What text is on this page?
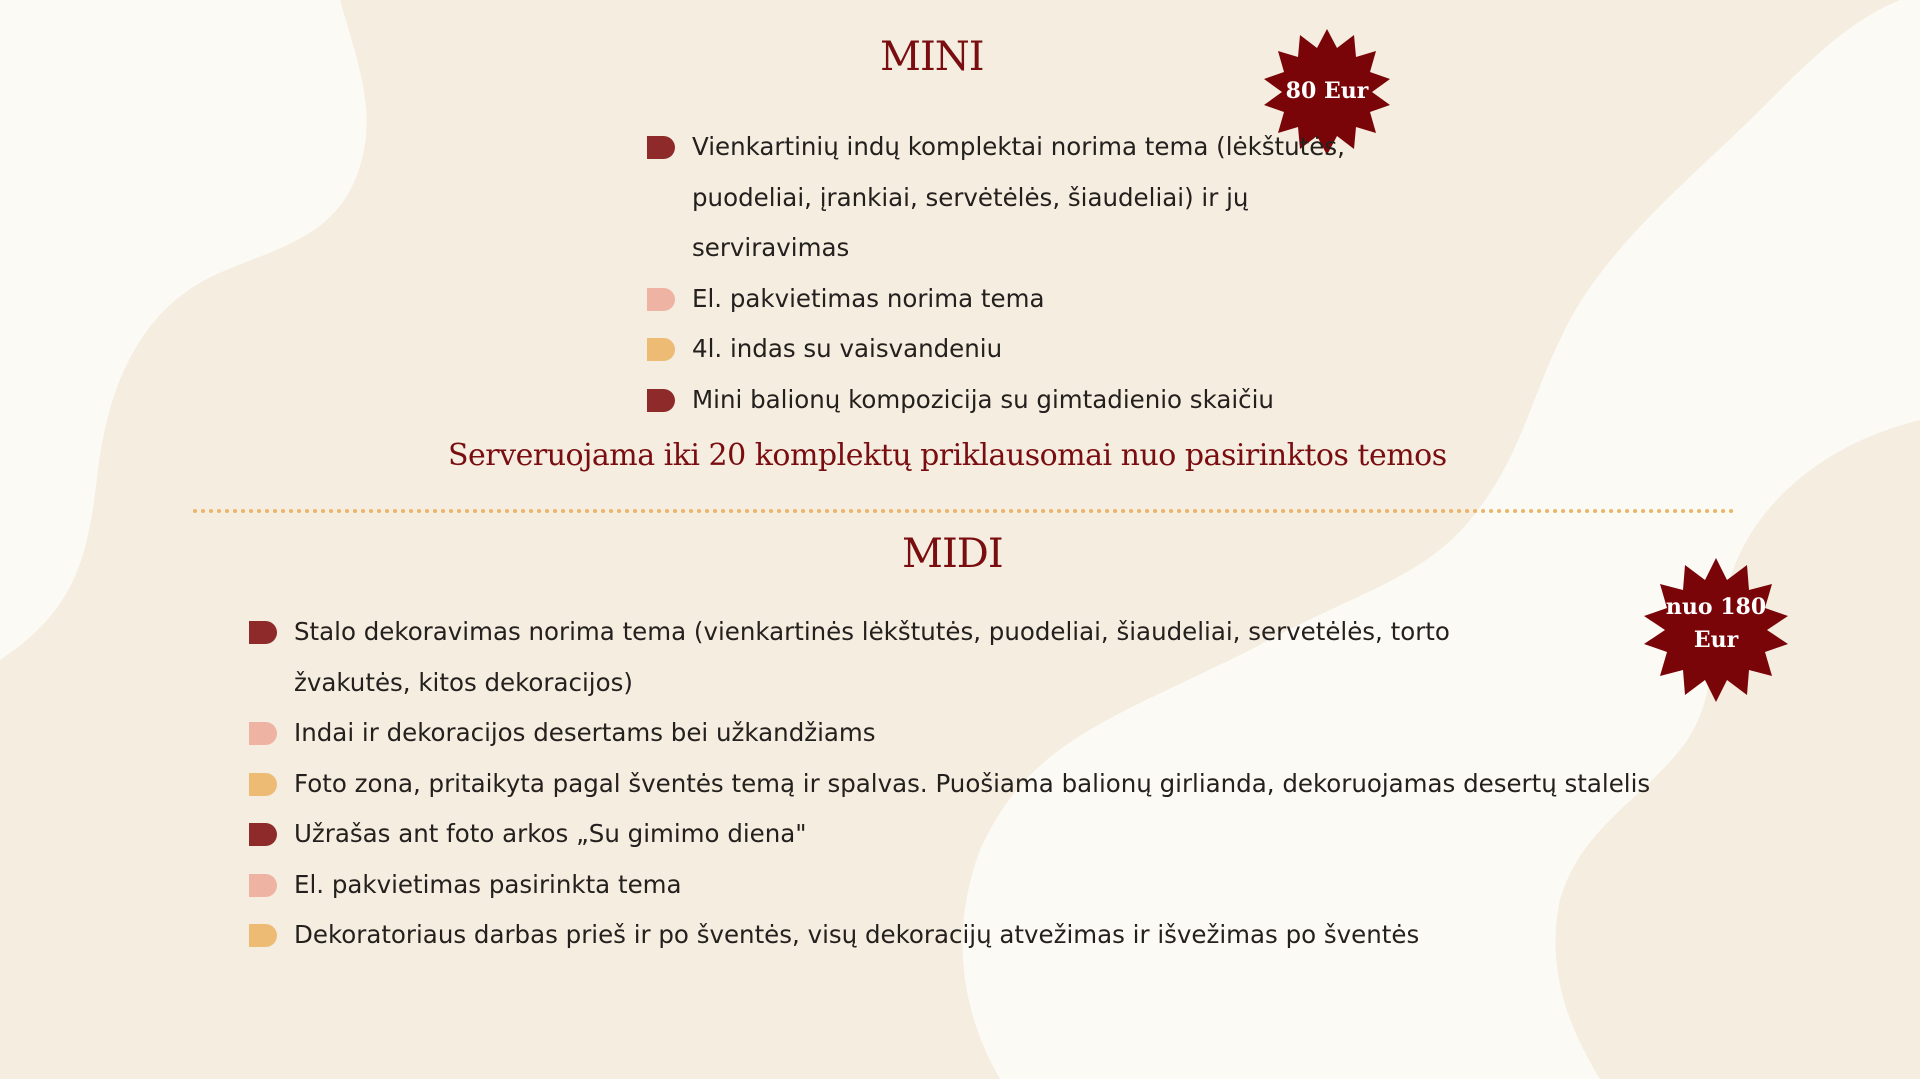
MINI
80 Eur
Vienkartinių indų komplektai norima tema (lėkštutės, puodeliai, įrankiai, servėtėlės, šiaudeliai) ir jų serviravimas
El. pakvietimas norima tema
4l. indas su vaisvandeniu
Mini balionų kompozicija su gimtadienio skaičiu

Serveruojama iki 20 komplektų priklausomai nuo pasirinktos temos

MIDI
nuo 180
Eur
Stalo dekoravimas norima tema (vienkartinės lėkštutės, puodeliai, šiaudeliai, servetėlės, torto žvakutės, kitos dekoracijos)
Indai ir dekoracijos desertams bei užkandžiams
Foto zona, pritaikyta pagal šventės temą ir spalvas. Puošiama balionų girlianda, dekoruojamas desertų stalelis
Užrašas ant foto arkos „Su gimimo diena"
El. pakvietimas pasirinkta tema
Dekoratoriaus darbas prieš ir po šventės, visų dekoracijų atvežimas ir išvežimas po šventės
